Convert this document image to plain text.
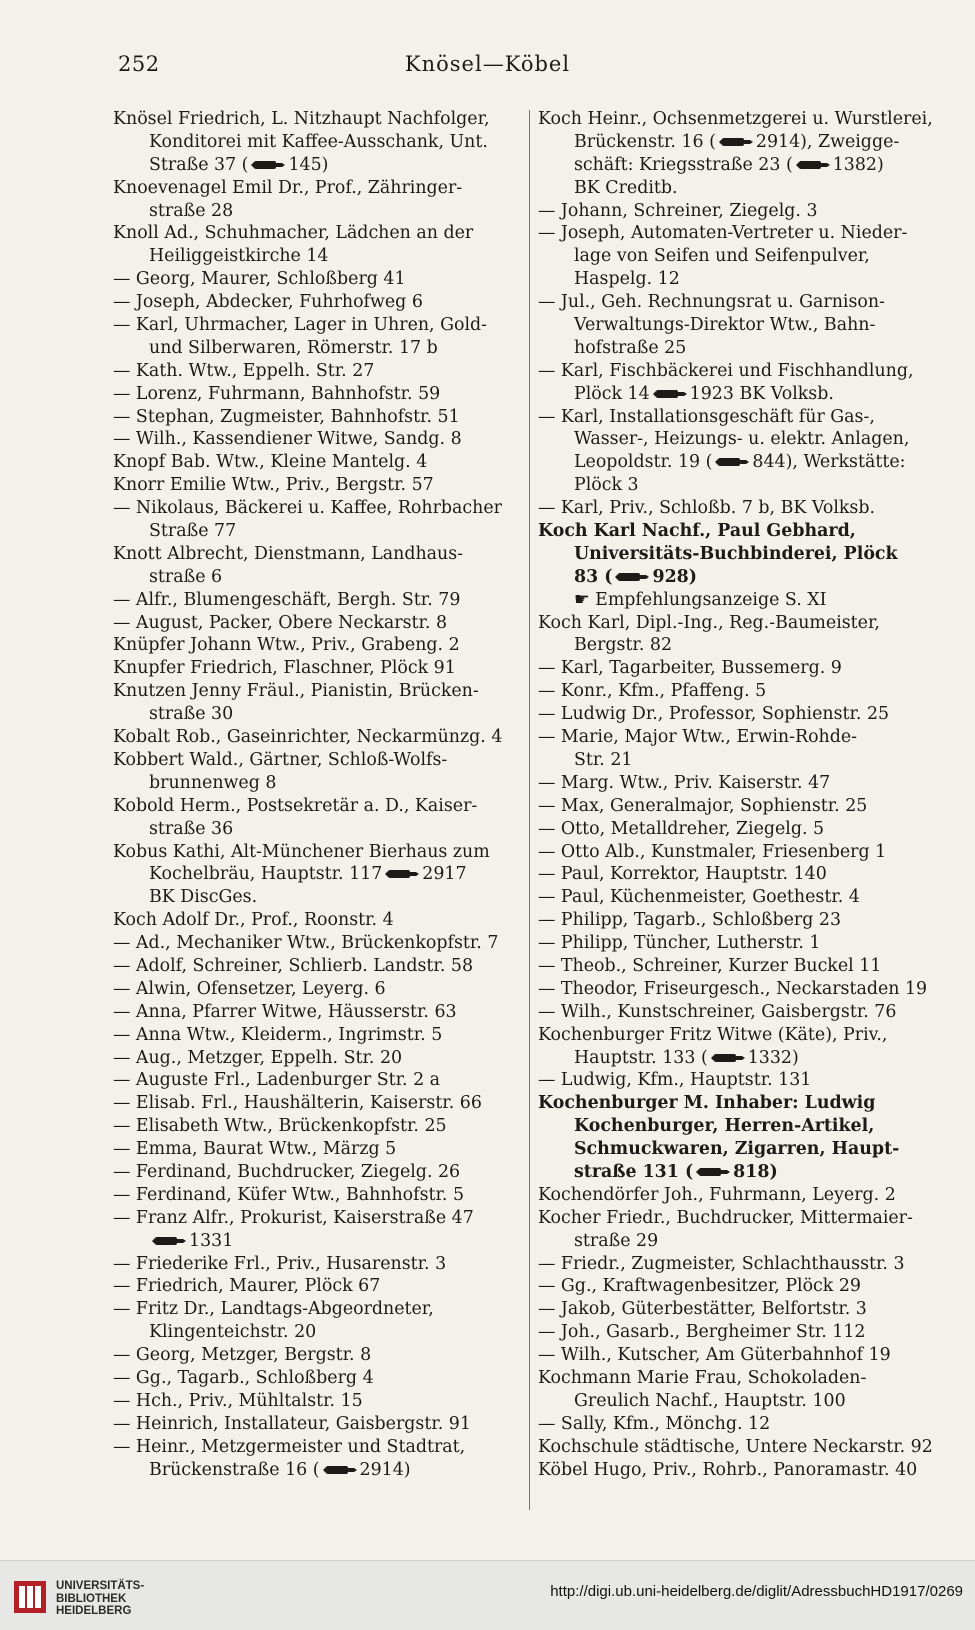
252	Knösel—Köbel
Knösel Friedrich, L. Nitzhaupt Nachfolger,
Konditorei mit Kaffee-Ausschank, Unt.
Straße 37 ( 145)
Knoevenagel Emil Dr., Prof., Zähringer-
straße 28
Knoll Ad., Schuhmacher, Lädchen an der
Heiliggeistkirche 14
— Georg, Maurer, Schloßberg 41
— Joseph, Abdecker, Fuhrhofweg 6
— Karl, Uhrmacher, Lager in Uhren, Gold-
und Silberwaren, Römerstr. 17 b
— Kath. Wtw., Eppelh. Str. 27
— Lorenz, Fuhrmann, Bahnhofstr. 59
— Stephan, Zugmeister, Bahnhofstr. 51
— Wilh., Kassendiener Witwe, Sandg. 8
Knopf Bab. Wtw., Kleine Mantelg. 4
Knorr Emilie Wtw., Priv., Bergstr. 57
— Nikolaus, Bäckerei u. Kaffee, Rohrbacher
Straße 77
Knott Albrecht, Dienstmann, Landhaus-
straße 6
— Alfr., Blumengeschäft, Bergh. Str. 79
— August, Packer, Obere Neckarstr. 8
Knüpfer Johann Wtw., Priv., Grabeng. 2
Knupfer Friedrich, Flaschner, Plöck 91
Knutzen Jenny Fräul., Pianistin, Brücken-
straße 30
Kobalt Rob., Gaseinrichter, Neckarmünzg. 4
Kobbert Wald., Gärtner, Schloß-Wolfs-
brunnenweg 8
Kobold Herm., Postsekretär a. D., Kaiser-
straße 36
Kobus Kathi, Alt-Münchener Bierhaus zum
Kochelbräu, Hauptstr. 117 2917
BK DiscGes.
Koch Adolf Dr., Prof., Roonstr. 4
— Ad., Mechaniker Wtw., Brückenkopfstr. 7
— Adolf, Schreiner, Schlierb. Landstr. 58
— Alwin, Ofensetzer, Leyerg. 6
— Anna, Pfarrer Witwe, Häusserstr. 63
— Anna Wtw., Kleiderm., Ingrimstr. 5
— Aug., Metzger, Eppelh. Str. 20
— Auguste Frl., Ladenburger Str. 2 a
— Elisab. Frl., Haushälterin, Kaiserstr. 66
— Elisabeth Wtw., Brückenkopfstr. 25
— Emma, Baurat Wtw., Märzg 5
— Ferdinand, Buchdrucker, Ziegelg. 26
— Ferdinand, Küfer Wtw., Bahnhofstr. 5
— Franz Alfr., Prokurist, Kaiserstraße 47
1331
— Friederike Frl., Priv., Husarenstr. 3
— Friedrich, Maurer, Plöck 67
— Fritz Dr., Landtags-Abgeordneter,
Klingenteichstr. 20
— Georg, Metzger, Bergstr. 8
— Gg., Tagarb., Schloßberg 4
— Hch., Priv., Mühltalstr. 15
— Heinrich, Installateur, Gaisbergstr. 91
— Heinr., Metzgermeister und Stadtrat,
Brückenstraße 16 ( 2914)
Koch Heinr., Ochsenmetzgerei u. Wurstlerei,
Brückenstr. 16 ( 2914), Zweigge-
schäft: Kriegsstraße 23 ( 1382)
BK Creditb.
— Johann, Schreiner, Ziegelg. 3
— Joseph, Automaten-Vertreter u. Nieder-
lage von Seifen und Seifenpulver,
Haspelg. 12
— Jul., Geh. Rechnungsrat u. Garnison-
Verwaltungs-Direktor Wtw., Bahn-
hofstraße 25
— Karl, Fischbäckerei und Fischhandlung,
Plöck 14 1923 BK Volksb.
— Karl, Installationsgeschäft für Gas-,
Wasser-, Heizungs- u. elektr. Anlagen,
Leopoldstr. 19 ( 844), Werkstätte:
Plöck 3
— Karl, Priv., Schloßb. 7 b, BK Volksb.
Koch Karl Nachf., Paul Gebhard,
Universitäts-Buchbinderei, Plöck
83 ( 928)
☛ Empfehlungsanzeige S. XI
Koch Karl, Dipl.-Ing., Reg.-Baumeister,
Bergstr. 82
— Karl, Tagarbeiter, Bussemerg. 9
— Konr., Kfm., Pfaffeng. 5
— Ludwig Dr., Professor, Sophienstr. 25
— Marie, Major Wtw., Erwin-Rohde-
Str. 21
— Marg. Wtw., Priv. Kaiserstr. 47
— Max, Generalmajor, Sophienstr. 25
— Otto, Metalldreher, Ziegelg. 5
— Otto Alb., Kunstmaler, Friesenberg 1
— Paul, Korrektor, Hauptstr. 140
— Paul, Küchenmeister, Goethestr. 4
— Philipp, Tagarb., Schloßberg 23
— Philipp, Tüncher, Lutherstr. 1
— Theob., Schreiner, Kurzer Buckel 11
— Theodor, Friseurgesch., Neckarstaden 19
— Wilh., Kunstschreiner, Gaisbergstr. 76
Kochenburger Fritz Witwe (Käte), Priv.,
Hauptstr. 133 ( 1332)
— Ludwig, Kfm., Hauptstr. 131
Kochenburger M. Inhaber: Ludwig
Kochenburger, Herren-Artikel,
Schmuckwaren, Zigarren, Haupt-
straße 131 ( 818)
Kochendörfer Joh., Fuhrmann, Leyerg. 2
Kocher Friedr., Buchdrucker, Mittermaier-
straße 29
— Friedr., Zugmeister, Schlachthausstr. 3
— Gg., Kraftwagenbesitzer, Plöck 29
— Jakob, Güterbestätter, Belfortstr. 3
— Joh., Gasarb., Bergheimer Str. 112
— Wilh., Kutscher, Am Güterbahnhof 19
Kochmann Marie Frau, Schokoladen-
Greulich Nachf., Hauptstr. 100
— Sally, Kfm., Mönchg. 12
Kochschule städtische, Untere Neckarstr. 92
Köbel Hugo, Priv., Rohrb., Panoramastr. 40
UNIVERSITÄTS-
BIBLIOTHEK
HEIDELBERG
http://digi.ub.uni-heidelberg.de/diglit/AdressbuchHD1917/0269
